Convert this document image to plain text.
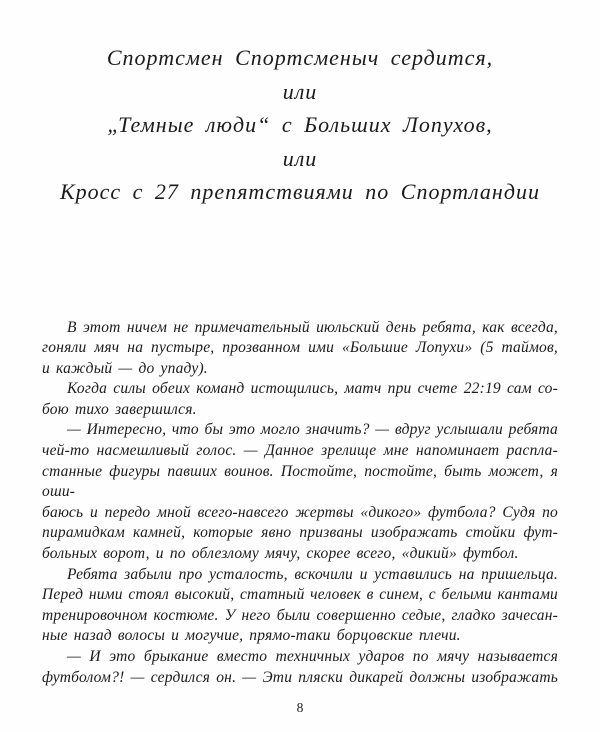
Спортсмен Спортсменыч сердится,
или
„Темные люди“ с Больших Лопухов,
или
Кросс с 27 препятствиями по Спортландии
В этот ничем не примечательный июльский день ребята, как всегда,
гоняли мяч на пустыре, прозванном ими «Большие Лопухи» (5 таймов,
и каждый — до упаду).
Когда силы обеих команд истощились, матч при счете 22:19 сам со-
бою тихо завершился.
— Интересно, что бы это могло значить? — вдруг услышали ребята
чей-то насмешливый голос. — Данное зрелище мне напоминает распла-
станные фигуры павших воинов. Постойте, постойте, быть может, я оши-
баюсь и передо мной всего-навсего жертвы «дикого» футбола? Судя по
пирамидкам камней, которые явно призваны изображать стойки фут-
больных ворот, и по облезлому мячу, скорее всего, «дикий» футбол.
Ребята забыли про усталость, вскочили и уставились на пришельца.
Перед ними стоял высокий, статный человек в синем, с белыми кантами
тренировочном костюме. У него были совершенно седые, гладко зачесан-
ные назад волосы и могучие, прямо-таки борцовские плечи.
— И это брыкание вместо техничных ударов по мячу называется
футболом?! — сердился он. — Эти пляски дикарей должны изображать
8
